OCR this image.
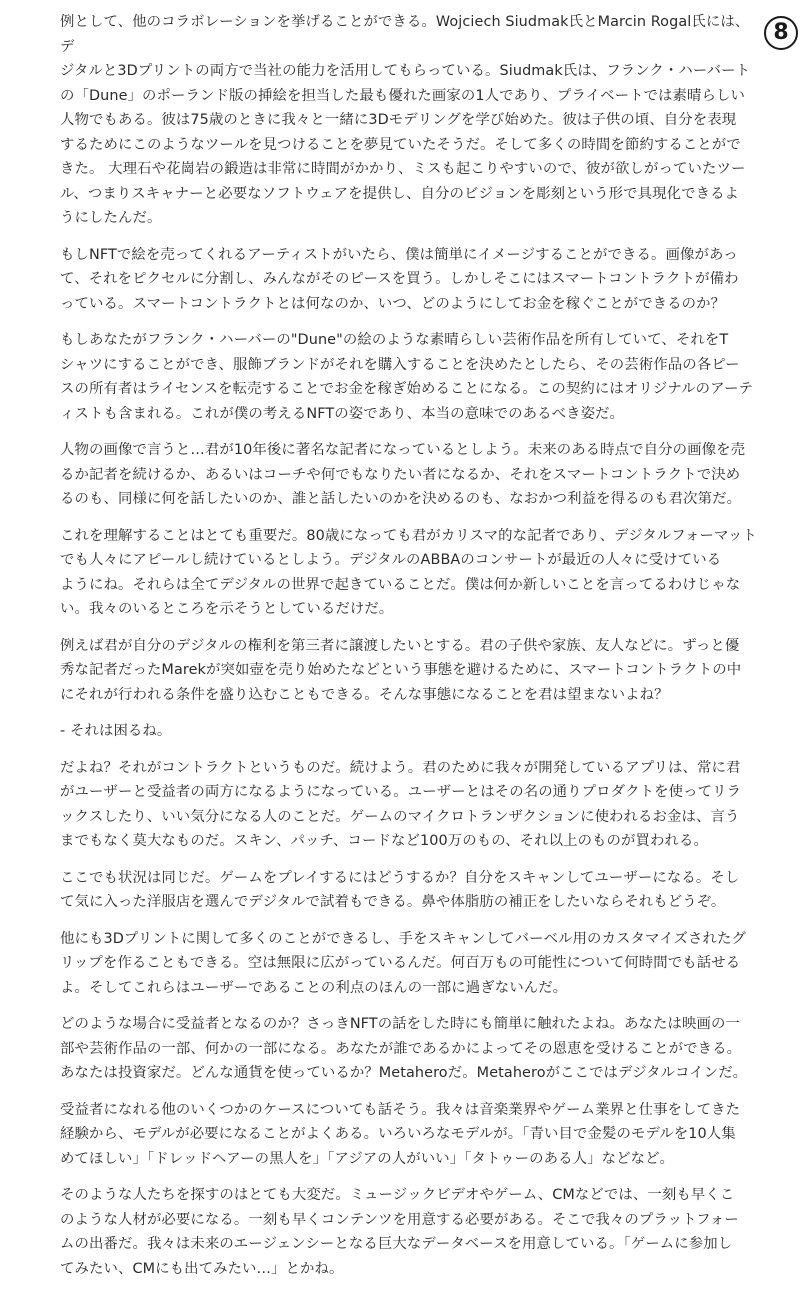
8

例として、他のコラボレーションを挙げることができる。Wojciech Siudmak氏とMarcin Rogal氏には、デ
ジタルと3Dプリントの両方で当社の能力を活用してもらっている。Siudmak氏は、フランク・ハーバート
の「Dune」のポーランド版の挿絵を担当した最も優れた画家の1人であり、プライベートでは素晴らしい
人物でもある。彼は75歳のときに我々と一緒に3Dモデリングを学び始めた。彼は子供の頃、自分を表現
するためにこのようなツールを見つけることを夢見ていたそうだ。そして多くの時間を節約することがで
きた。 大理石や花崗岩の鍛造は非常に時間がかかり、ミスも起こりやすいので、彼が欲しがっていたツー
ル、つまりスキャナーと必要なソフトウェアを提供し、自分のビジョンを彫刻という形で具現化できるよ
うにしたんだ。

もしNFTで絵を売ってくれるアーティストがいたら、僕は簡単にイメージすることができる。画像があっ
て、それをピクセルに分割し、みんながそのピースを買う。しかしそこにはスマートコントラクトが備わ
っている。スマートコントラクトとは何なのか、いつ、どのようにしてお金を稼ぐことができるのか？

もしあなたがフランク・ハーバーの"Dune"の絵のような素晴らしい芸術作品を所有していて、それをT
シャツにすることができ、服飾ブランドがそれを購入することを決めたとしたら、その芸術作品の各ピー
スの所有者はライセンスを転売することでお金を稼ぎ始めることになる。この契約にはオリジナルのアーテ
ィストも含まれる。これが僕の考えるNFTの姿であり、本当の意味でのあるべき姿だ。

人物の画像で言うと…君が10年後に著名な記者になっているとしよう。未来のある時点で自分の画像を売
るか記者を続けるか、あるいはコーチや何でもなりたい者になるか、それをスマートコントラクトで決め
るのも、同様に何を話したいのか、誰と話したいのかを決めるのも、なおかつ利益を得るのも君次第だ。

これを理解することはとても重要だ。80歳になっても君がカリスマ的な記者であり、デジタルフォーマット
でも人々にアピールし続けているとしよう。デジタルのABBAのコンサートが最近の人々に受けている
ようにね。それらは全てデジタルの世界で起きていることだ。僕は何か新しいことを言ってるわけじゃな
い。我々のいるところを示そうとしているだけだ。

例えば君が自分のデジタルの権利を第三者に譲渡したいとする。君の子供や家族、友人などに。ずっと優
秀な記者だったMarekが突如壺を売り始めたなどという事態を避けるために、スマートコントラクトの中
にそれが行われる条件を盛り込むこともできる。そんな事態になることを君は望まないよね？

- それは困るね。

だよね？それがコントラクトというものだ。続けよう。君のために我々が開発しているアプリは、常に君
がユーザーと受益者の両方になるようになっている。ユーザーとはその名の通りプロダクトを使ってリラ
ックスしたり、いい気分になる人のことだ。ゲームのマイクロトランザクションに使われるお金は、言う
までもなく莫大なものだ。スキン、パッチ、コードなど100万のもの、それ以上のものが買われる。

ここでも状況は同じだ。ゲームをプレイするにはどうするか？自分をスキャンしてユーザーになる。そし
て気に入った洋服店を選んでデジタルで試着もできる。鼻や体脂肪の補正をしたいならそれもどうぞ。

他にも3Dプリントに関して多くのことができるし、手をスキャンしてバーベル用のカスタマイズされたグ
リップを作ることもできる。空は無限に広がっているんだ。何百万もの可能性について何時間でも話せる
よ。そしてこれらはユーザーであることの利点のほんの一部に過ぎないんだ。

どのような場合に受益者となるのか？さっきNFTの話をした時にも簡単に触れたよね。あなたは映画の一
部や芸術作品の一部、何かの一部になる。あなたが誰であるかによってその恩恵を受けることができる。
あなたは投資家だ。どんな通貨を使っているか？Metaheroだ。Metaheroがここではデジタルコインだ。

受益者になれる他のいくつかのケースについても話そう。我々は音楽業界やゲーム業界と仕事をしてきた
経験から、モデルが必要になることがよくある。いろいろなモデルが。「青い目で金髪のモデルを10人集
めてほしい」「ドレッドヘアーの黒人を」「アジアの人がいい」「タトゥーのある人」などなど。

そのような人たちを探すのはとても大変だ。ミュージックビデオやゲーム、CMなどでは、一刻も早くこ
のような人材が必要になる。一刻も早くコンテンツを用意する必要がある。そこで我々のプラットフォー
ムの出番だ。我々は未来のエージェンシーとなる巨大なデータベースを用意している。「ゲームに参加し
てみたい、CMにも出てみたい…」とかね。
